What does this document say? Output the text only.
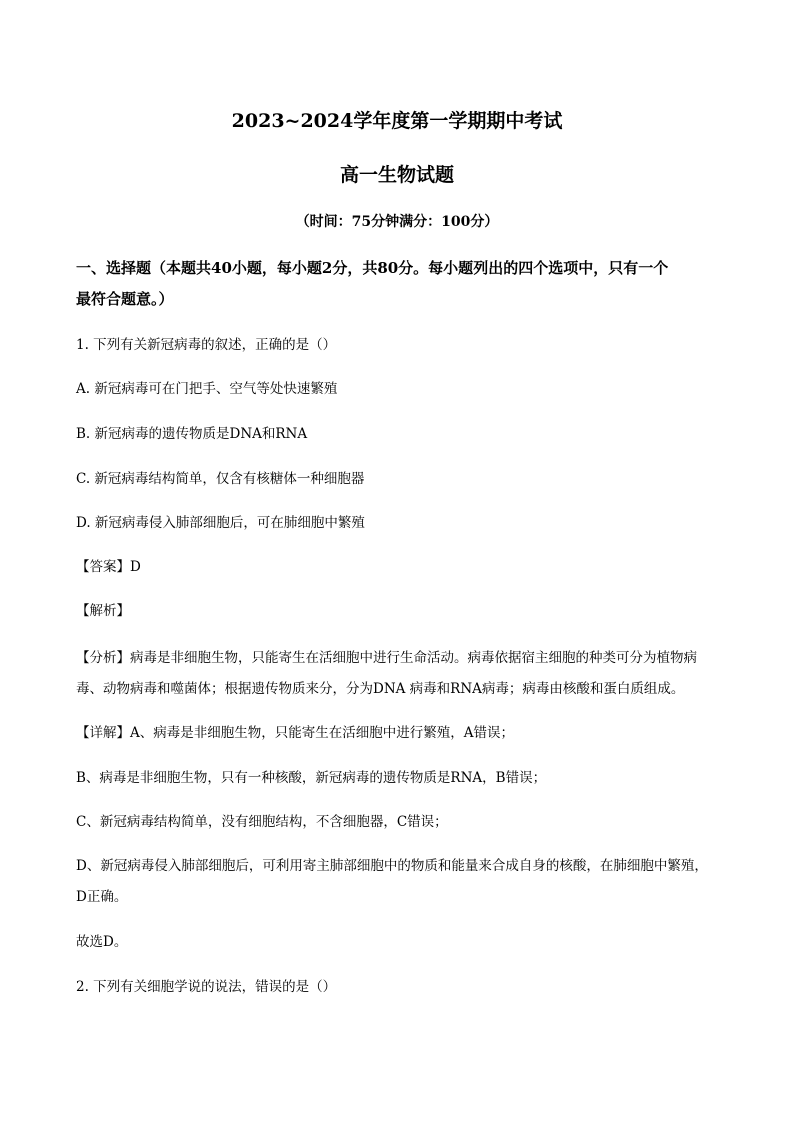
2023~2024学年度第一学期期中考试
高一生物试题
（时间：75分钟满分：100分）
一、选择题（本题共40小题，每小题2分，共80分。每小题列出的四个选项中，只有一个
最符合题意。）
1. 下列有关新冠病毒的叙述，正确的是（）
A. 新冠病毒可在门把手、空气等处快速繁殖
B. 新冠病毒的遗传物质是DNA和RNA
C. 新冠病毒结构简单，仅含有核糖体一种细胞器
D. 新冠病毒侵入肺部细胞后，可在肺细胞中繁殖
【答案】D
【解析】
【分析】病毒是非细胞生物，只能寄生在活细胞中进行生命活动。病毒依据宿主细胞的种类可分为植物病
毒、动物病毒和噬菌体；根据遗传物质来分，分为DNA 病毒和RNA病毒；病毒由核酸和蛋白质组成。
【详解】A、病毒是非细胞生物，只能寄生在活细胞中进行繁殖，A错误；
B、病毒是非细胞生物，只有一种核酸，新冠病毒的遗传物质是RNA，B错误；
C、新冠病毒结构简单，没有细胞结构，不含细胞器，C错误；
D、新冠病毒侵入肺部细胞后，可利用寄主肺部细胞中的物质和能量来合成自身的核酸，在肺细胞中繁殖，
D正确。
故选D。
2. 下列有关细胞学说的说法，错误的是（）
